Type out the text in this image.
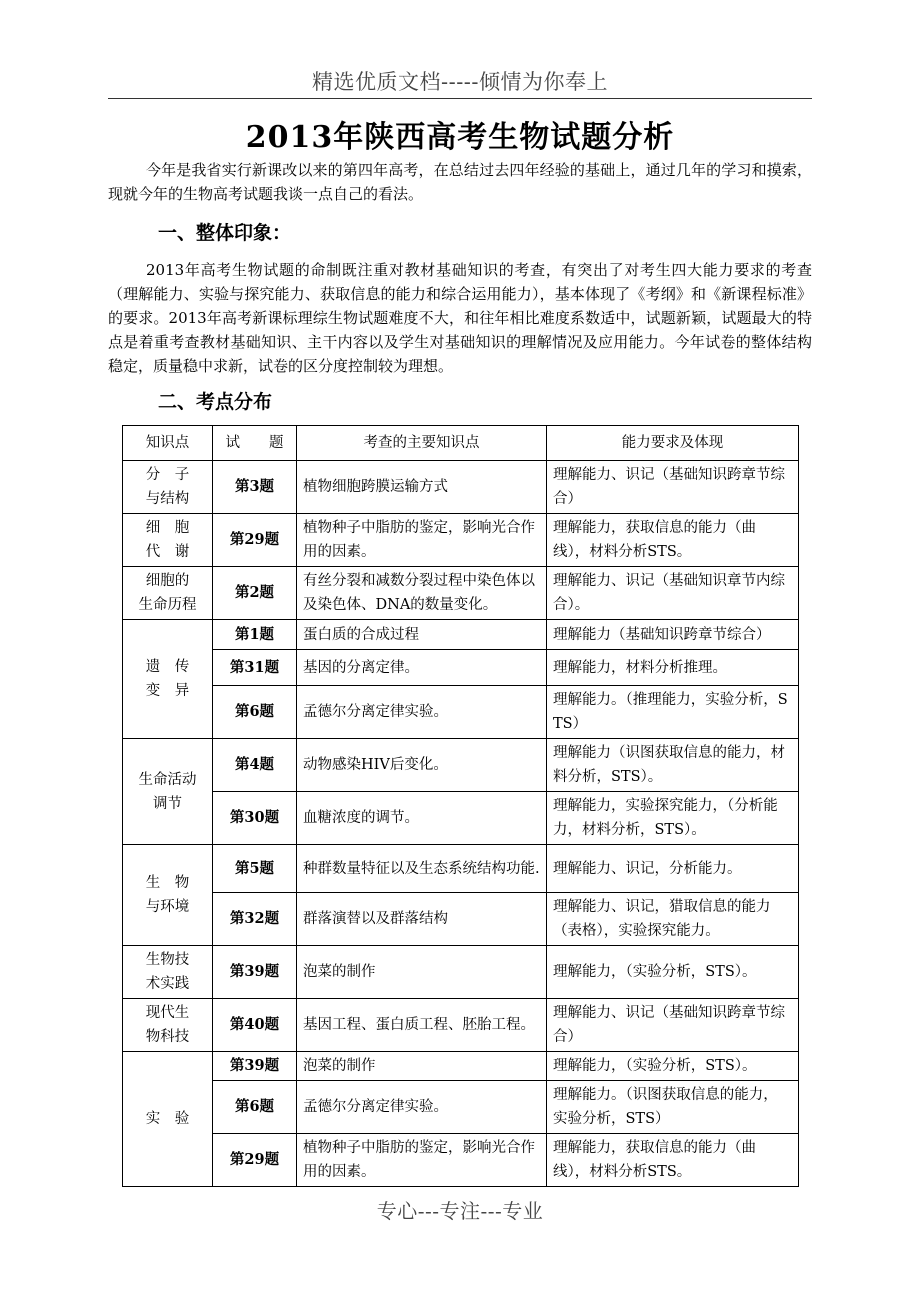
精选优质文档-----倾情为你奉上
2013年陕西高考生物试题分析

今年是我省实行新课改以来的第四年高考，在总结过去四年经验的基础上，通过几年的学习和摸索，现就今年的生物高考试题我谈一点自己的看法。

一、整体印象：

2013年高考生物试题的命制既注重对教材基础知识的考查，有突出了对考生四大能力要求的考查（理解能力、实验与探究能力、获取信息的能力和综合运用能力），基本体现了《考纲》和《新课程标准》的要求。2013年高考新课标理综生物试题难度不大，和往年相比难度系数适中，试题新颖，试题最大的特点是着重考查教材基础知识、主干内容以及学生对基础知识的理解情况及应用能力。今年试卷的整体结构稳定，质量稳中求新，试卷的区分度控制较为理想。

二、考点分布
知识点	试　　题	考查的主要知识点	能力要求及体现
分　子
与结构	第3题	植物细胞跨膜运输方式	理解能力、识记（基础知识跨章节综合）
细　胞
代　谢	第29题	植物种子中脂肪的鉴定，影响光合作用的因素。	理解能力，获取信息的能力（曲线），材料分析STS。
细胞的
生命历程	第2题	有丝分裂和减数分裂过程中染色体以及染色体、DNA的数量变化。	理解能力、识记（基础知识章节内综合）。
遗　传
变　异	第1题	蛋白质的合成过程	理解能力（基础知识跨章节综合）
	第31题	基因的分离定律。	理解能力，材料分析推理。
	第6题	孟德尔分离定律实验。	理解能力。（推理能力，实验分析，STS）
生命活动
调节	第4题	动物感染HIV后变化。	理解能力（识图获取信息的能力，材料分析，STS）。
	第30题	血糖浓度的调节。	理解能力，实验探究能力，（分析能力，材料分析，STS）。
生　物
与环境	第5题	种群数量特征以及生态系统结构功能.	理解能力、识记，分析能力。
	第32题	群落演替以及群落结构	理解能力、识记，猎取信息的能力（表格），实验探究能力。
生物技
术实践	第39题	泡菜的制作	理解能力，（实验分析，STS）。
现代生
物科技	第40题	基因工程、蛋白质工程、胚胎工程。	理解能力、识记（基础知识跨章节综合）
实　验	第39题	泡菜的制作	理解能力，（实验分析，STS）。
	第6题	孟德尔分离定律实验。	理解能力。（识图获取信息的能力，实验分析，STS）
	第29题	植物种子中脂肪的鉴定，影响光合作用的因素。	理解能力，获取信息的能力（曲线），材料分析STS。
专心---专注---专业
